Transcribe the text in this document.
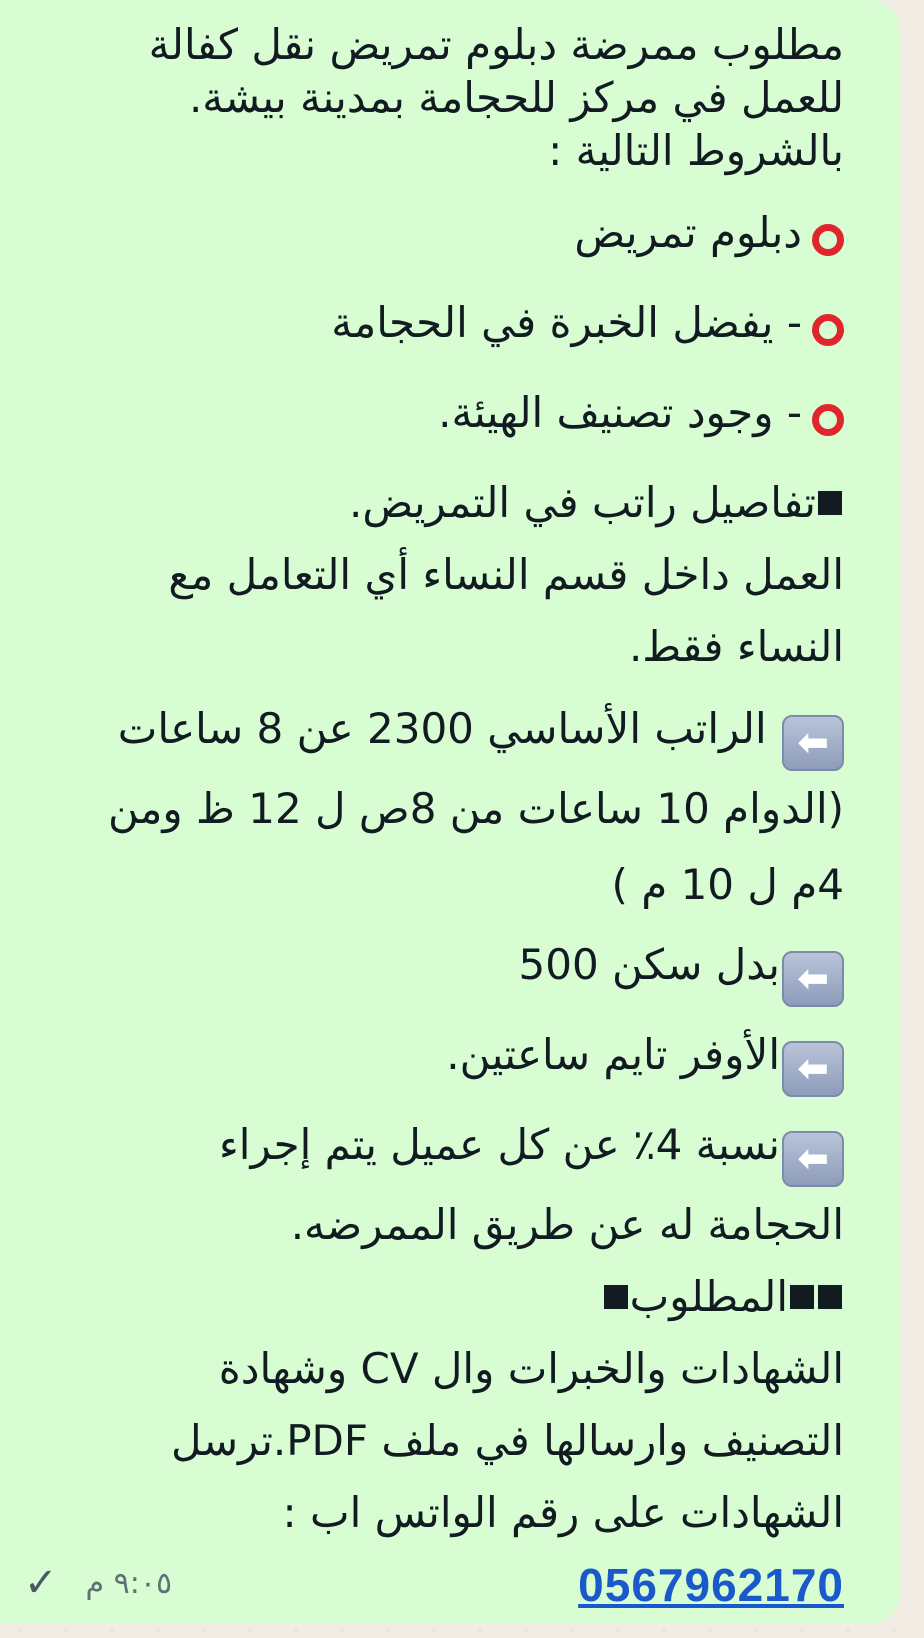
مطلوب ممرضة دبلوم تمريض نقل كفالة
للعمل في مركز للحجامة بمدينة بيشة.
بالشروط التالية :
دبلوم تمريض
- يفضل الخبرة في الحجامة
- وجود تصنيف الهيئة.
تفاصيل راتب في التمريض.
العمل داخل قسم النساء أي التعامل مع
النساء فقط.
⬅ الراتب الأساسي 2300 عن 8 ساعات
(الدوام 10 ساعات من 8ص ل 12 ظ ومن
4م ل 10 م )
⬅بدل سكن 500
⬅الأوفر تايم ساعتين.
⬅نسبة 4٪ عن كل عميل يتم إجراء
الحجامة له عن طريق الممرضه.
المطلوب
الشهادات والخبرات وال CV وشهادة
التصنيف وارسالها في ملف PDF.ترسل
الشهادات على رقم الواتس اب :
0567962170
✓ ٩:٠٥ م
